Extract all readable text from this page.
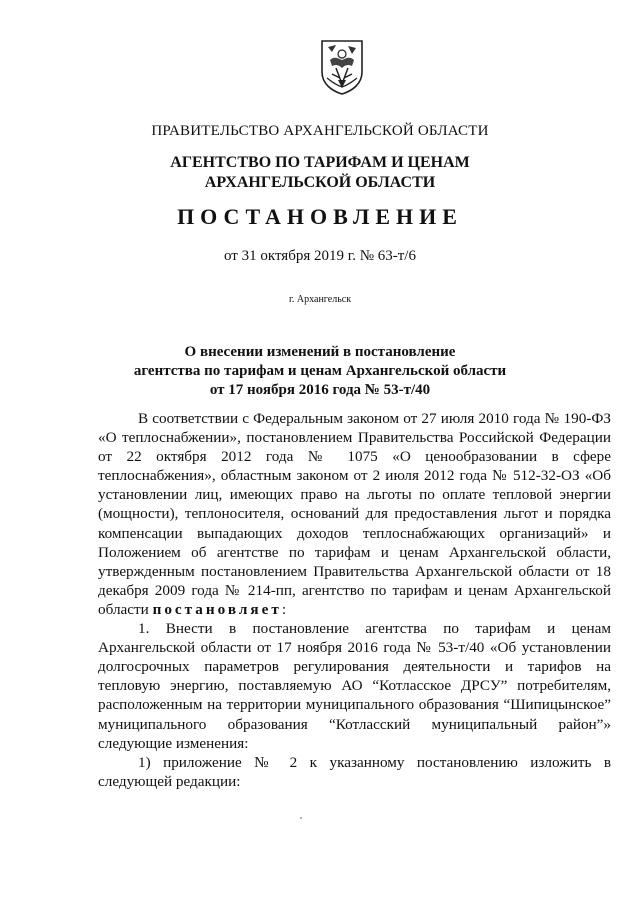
ПРАВИТЕЛЬСТВО АРХАНГЕЛЬСКОЙ ОБЛАСТИ
АГЕНТСТВО ПО ТАРИФАМ И ЦЕНАМ
АРХАНГЕЛЬСКОЙ ОБЛАСТИ
ПОСТАНОВЛЕНИЕ
от 31 октября 2019 г. № 63-т/6
г. Архангельск
О внесении изменений в постановление
агентства по тарифам и ценам Архангельской области
от 17 ноября 2016 года № 53-т/40

В соответствии с Федеральным законом от 27 июля 2010 года № 190-ФЗ «О теплоснабжении», постановлением Правительства Российской Федерации от 22 октября 2012 года № 1075 «О ценообразовании в сфере теплоснабжения», областным законом от 2 июля 2012 года № 512-32-ОЗ «Об установлении лиц, имеющих право на льготы по оплате тепловой энергии (мощности), теплоносителя, оснований для предоставления льгот и порядка компенсации выпадающих доходов теплоснабжающих организаций» и Положением об агентстве по тарифам и ценам Архангельской области, утвержденным постановлением Правительства Архангельской области от 18 декабря 2009 года № 214-пп, агентство по тарифам и ценам Архангельской области постановляет:

1. Внести в постановление агентства по тарифам и ценам Архангельской области от 17 ноября 2016 года № 53-т/40 «Об установлении долгосрочных параметров регулирования деятельности и тарифов на тепловую энергию, поставляемую АО “Котласское ДРСУ” потребителям, расположенным на территории муниципального образования “Шипицынское” муниципального образования “Котласский муниципальный район”» следующие изменения:

1) приложение № 2 к указанному постановлению изложить в следующей редакции:
